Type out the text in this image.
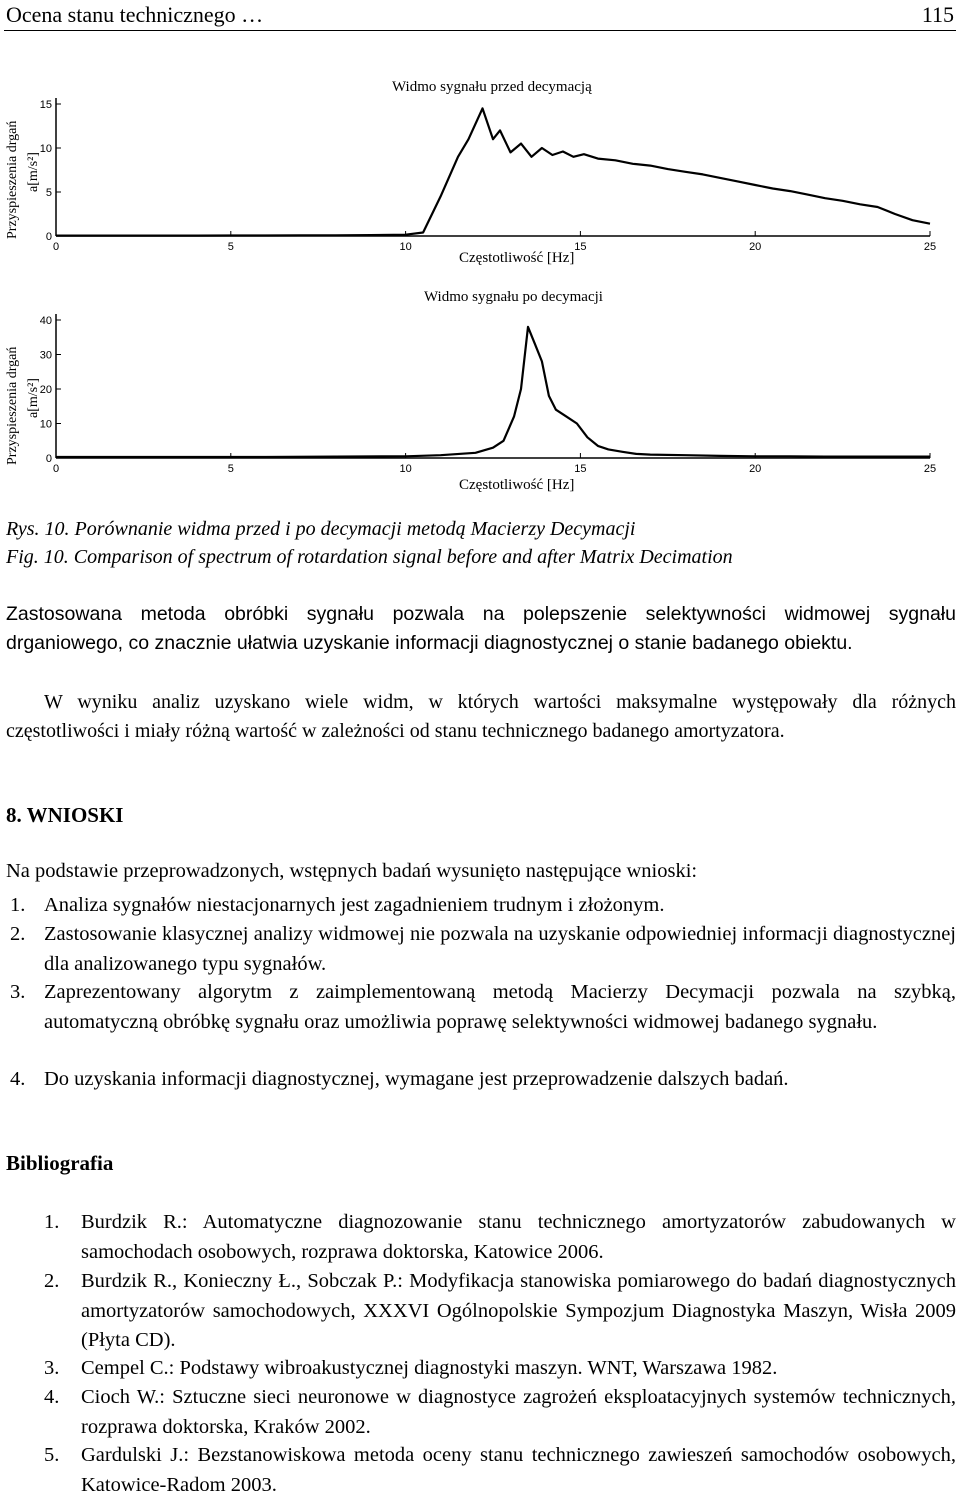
Ocena stanu technicznego …	115
Widmo sygnału przed decymacją
Przyspieszenia drgań a[m/s²]
0	5	10	15	20	25
0
5
10
15
Częstotliwość [Hz]
Widmo sygnału po decymacji
Przyspieszenia drgań a[m/s²]
0	5	10	15	20	25
0
10
20
30
40
Częstotliwość [Hz]
Rys. 10. Porównanie widma przed i po decymacji metodą Macierzy Decymacji
Fig. 10. Comparison of spectrum of rotardation signal before and after Matrix Decimation
Zastosowana metoda obróbki sygnału pozwala na polepszenie selektywności widmowej sygnału drganiowego, co znacznie ułatwia uzyskanie informacji diagnostycznej o stanie badanego obiektu.
W wyniku analiz uzyskano wiele widm, w których wartości maksymalne występowały dla różnych częstotliwości i miały różną wartość w zależności od stanu technicznego badanego amortyzatora.
8. WNIOSKI
Na podstawie przeprowadzonych, wstępnych badań wysunięto następujące wnioski:
1. Analiza sygnałów niestacjonarnych jest zagadnieniem trudnym i złożonym.
2. Zastosowanie klasycznej analizy widmowej nie pozwala na uzyskanie odpowiedniej informacji diagnostycznej dla analizowanego typu sygnałów.
3. Zaprezentowany algorytm z zaimplementowaną metodą Macierzy Decymacji pozwala na szybką, automatyczną obróbkę sygnału oraz umożliwia poprawę selektywności widmowej badanego sygnału.
4. Do uzyskania informacji diagnostycznej, wymagane jest przeprowadzenie dalszych badań.
Bibliografia
1. Burdzik R.: Automatyczne diagnozowanie stanu technicznego amortyzatorów zabudowanych w samochodach osobowych, rozprawa doktorska, Katowice 2006.
2. Burdzik R., Konieczny Ł., Sobczak P.: Modyfikacja stanowiska pomiarowego do badań diagnostycznych amortyzatorów samochodowych, XXXVI Ogólnopolskie Sympozjum Diagnostyka Maszyn, Wisła 2009 (Płyta CD).
3. Cempel C.: Podstawy wibroakustycznej diagnostyki maszyn. WNT, Warszawa 1982.
4. Cioch W.: Sztuczne sieci neuronowe w diagnostyce zagrożeń eksploatacyjnych systemów technicznych, rozprawa doktorska, Kraków 2002.
5. Gardulski J.: Bezstanowiskowa metoda oceny stanu technicznego zawieszeń samochodów osobowych, Katowice-Radom 2003.
